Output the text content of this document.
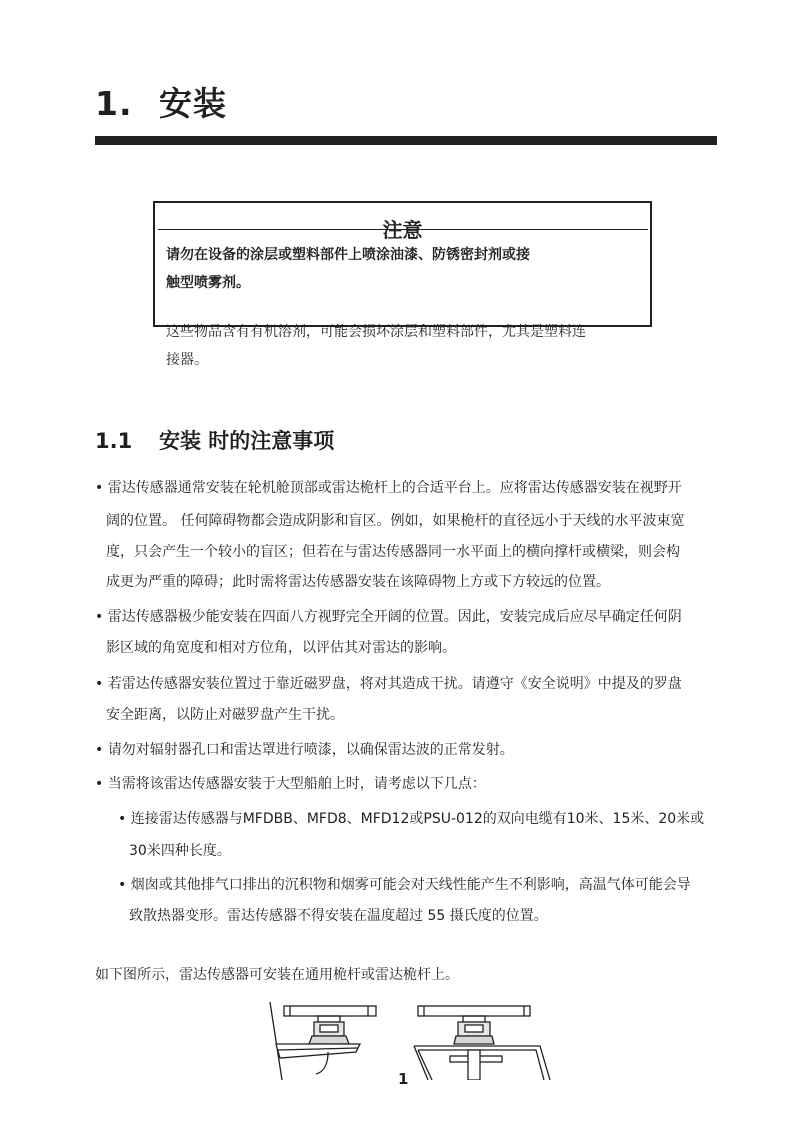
1. 安装
注意
请勿在设备的涂层或塑料部件上喷涂油漆、防锈密封剂或接
触型喷雾剂。
这些物品含有有机溶剂，可能会损坏涂层和塑料部件，尤其是塑料连
接器。
1.1 安装 时的注意事项
• 雷达传感器通常安装在轮机舱顶部或雷达桅杆上的合适平台上。应将雷达传感器安装在视野开
阔的位置。 任何障碍物都会造成阴影和盲区。例如，如果桅杆的直径远小于天线的水平波束宽
度，只会产生一个较小的盲区；但若在与雷达传感器同一水平面上的横向撑杆或横梁，则会构
成更为严重的障碍；此时需将雷达传感器安装在该障碍物上方或下方较远的位置。
• 雷达传感器极少能安装在四面八方视野完全开阔的位置。因此，安装完成后应尽早确定任何阴
影区域的角宽度和相对方位角，以评估其对雷达的影响。
• 若雷达传感器安装位置过于靠近磁罗盘，将对其造成干扰。请遵守《安全说明》中提及的罗盘
安全距离，以防止对磁罗盘产生干扰。
• 请勿对辐射器孔口和雷达罩进行喷漆，以确保雷达波的正常发射。
• 当需将该雷达传感器安装于大型船舶上时，请考虑以下几点：
• 连接雷达传感器与MFDBB、MFD8、MFD12或PSU-012的双向电缆有10米、15米、20米或
30米四种长度。
• 烟囱或其他排气口排出的沉积物和烟雾可能会对天线性能产生不利影响，高温气体可能会导
致散热器变形。雷达传感器不得安装在温度超过 55 摄氏度的位置。
如下图所示，雷达传感器可安装在通用桅杆或雷达桅杆上。
1
